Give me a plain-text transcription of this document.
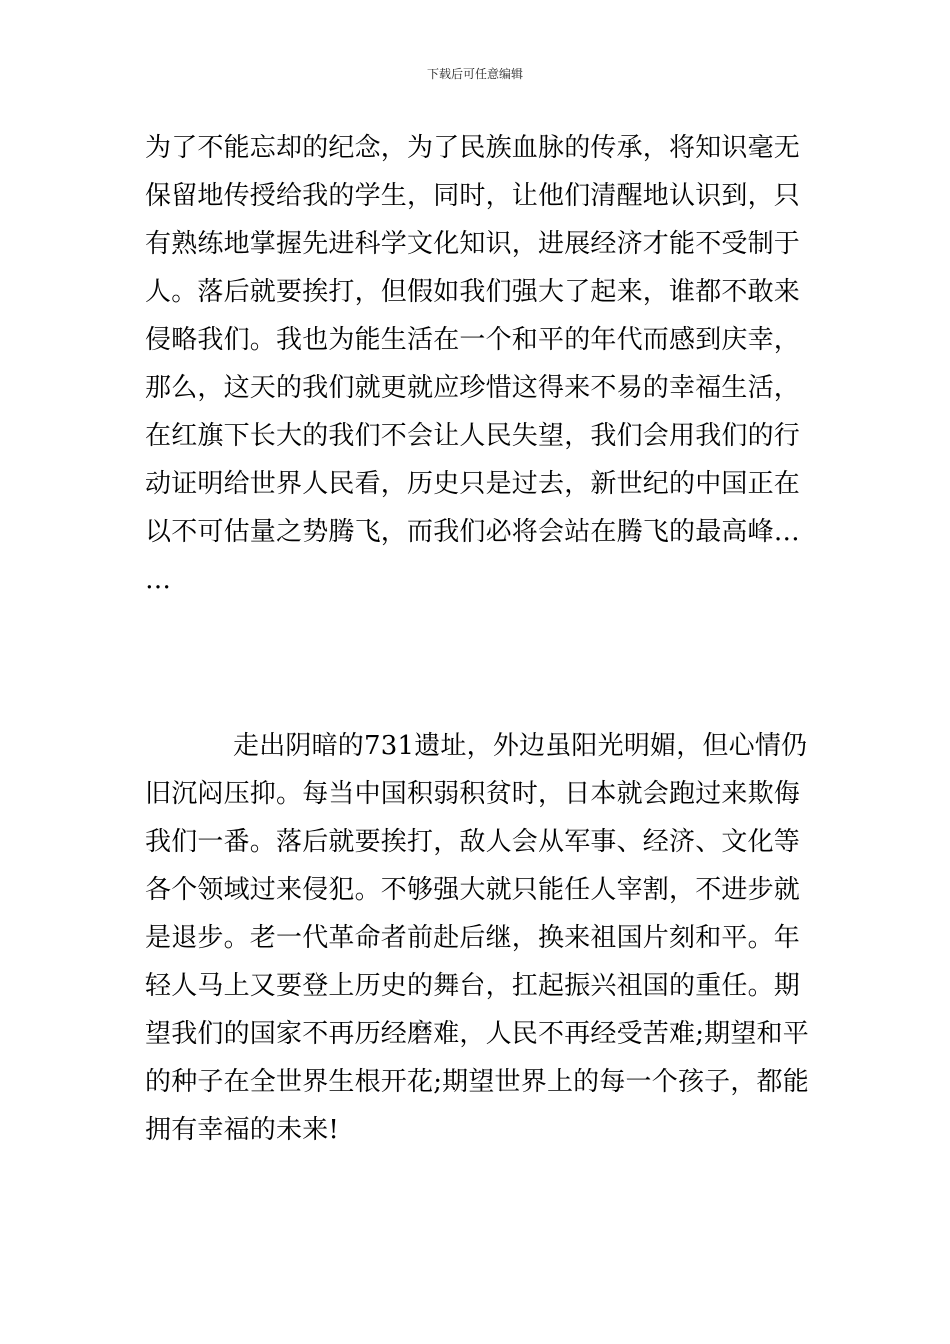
下载后可任意编辑
为了不能忘却的纪念，为了民族血脉的传承，将知识毫无
保留地传授给我的学生，同时，让他们清醒地认识到，只
有熟练地掌握先进科学文化知识，进展经济才能不受制于
人。落后就要挨打，但假如我们强大了起来，谁都不敢来
侵略我们。我也为能生活在一个和平的年代而感到庆幸，
那么，这天的我们就更就应珍惜这得来不易的幸福生活，
在红旗下长大的我们不会让人民失望，我们会用我们的行
动证明给世界人民看，历史只是过去，新世纪的中国正在
以不可估量之势腾飞，而我们必将会站在腾飞的最高峰…
…
走出阴暗的731遗址，外边虽阳光明媚，但心情仍
旧沉闷压抑。每当中国积弱积贫时，日本就会跑过来欺侮
我们一番。落后就要挨打，敌人会从军事、经济、文化等
各个领域过来侵犯。不够强大就只能任人宰割，不进步就
是退步。老一代革命者前赴后继，换来祖国片刻和平。年
轻人马上又要登上历史的舞台，扛起振兴祖国的重任。期
望我们的国家不再历经磨难，人民不再经受苦难;期望和平
的种子在全世界生根开花;期望世界上的每一个孩子，都能
拥有幸福的未来!
